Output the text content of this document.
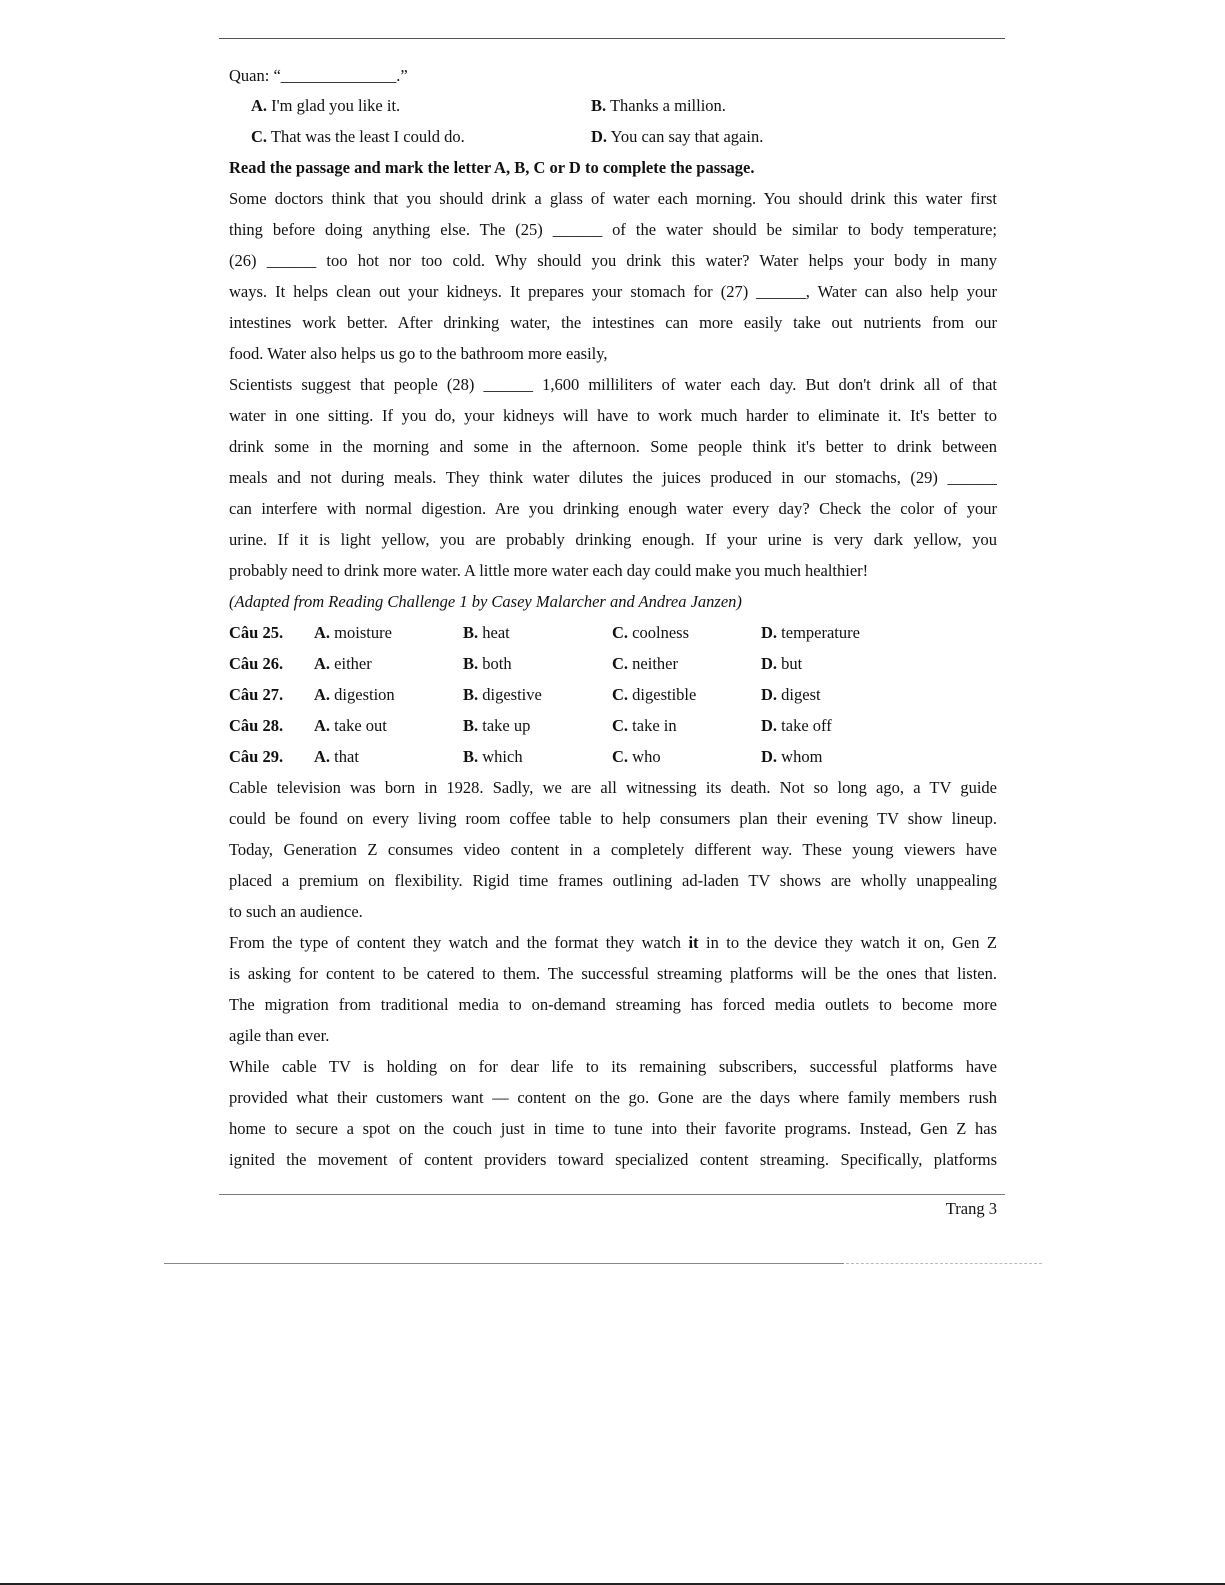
Quan: “______________.”
A. I'm glad you like it.	B. Thanks a million.
C. That was the least I could do.	D. You can say that again.
Read the passage and mark the letter A, B, C or D to complete the passage.
Some doctors think that you should drink a glass of water each morning. You should drink this water first
thing before doing anything else. The (25) ______ of the water should be similar to body temperature;
(26) ______ too hot nor too cold. Why should you drink this water? Water helps your body in many
ways. It helps clean out your kidneys. It prepares your stomach for (27) ______, Water can also help your
intestines work better. After drinking water, the intestines can more easily take out nutrients from our
food. Water also helps us go to the bathroom more easily,
Scientists suggest that people (28) ______ 1,600 milliliters of water each day. But don't drink all of that
water in one sitting. If you do, your kidneys will have to work much harder to eliminate it. It's better to
drink some in the morning and some in the afternoon. Some people think it's better to drink between
meals and not during meals. They think water dilutes the juices produced in our stomachs, (29) ______
can interfere with normal digestion. Are you drinking enough water every day? Check the color of your
urine. If it is light yellow, you are probably drinking enough. If your urine is very dark yellow, you
probably need to drink more water. A little more water each day could make you much healthier!
(Adapted from Reading Challenge 1 by Casey Malarcher and Andrea Janzen)
Câu 25. A. moisture	B. heat	C. coolness	D. temperature
Câu 26. A. either	B. both	C. neither	D. but
Câu 27. A. digestion	B. digestive	C. digestible	D. digest
Câu 28. A. take out	B. take up	C. take in	D. take off
Câu 29. A. that	B. which	C. who	D. whom
Cable television was born in 1928. Sadly, we are all witnessing its death. Not so long ago, a TV guide
could be found on every living room coffee table to help consumers plan their evening TV show lineup.
Today, Generation Z consumes video content in a completely different way. These young viewers have
placed a premium on flexibility. Rigid time frames outlining ad-laden TV shows are wholly unappealing
to such an audience.
From the type of content they watch and the format they watch it in to the device they watch it on, Gen Z
is asking for content to be catered to them. The successful streaming platforms will be the ones that listen.
The migration from traditional media to on-demand streaming has forced media outlets to become more
agile than ever.
While cable TV is holding on for dear life to its remaining subscribers, successful platforms have
provided what their customers want — content on the go. Gone are the days where family members rush
home to secure a spot on the couch just in time to tune into their favorite programs. Instead, Gen Z has
ignited the movement of content providers toward specialized content streaming. Specifically, platforms
Trang 3
